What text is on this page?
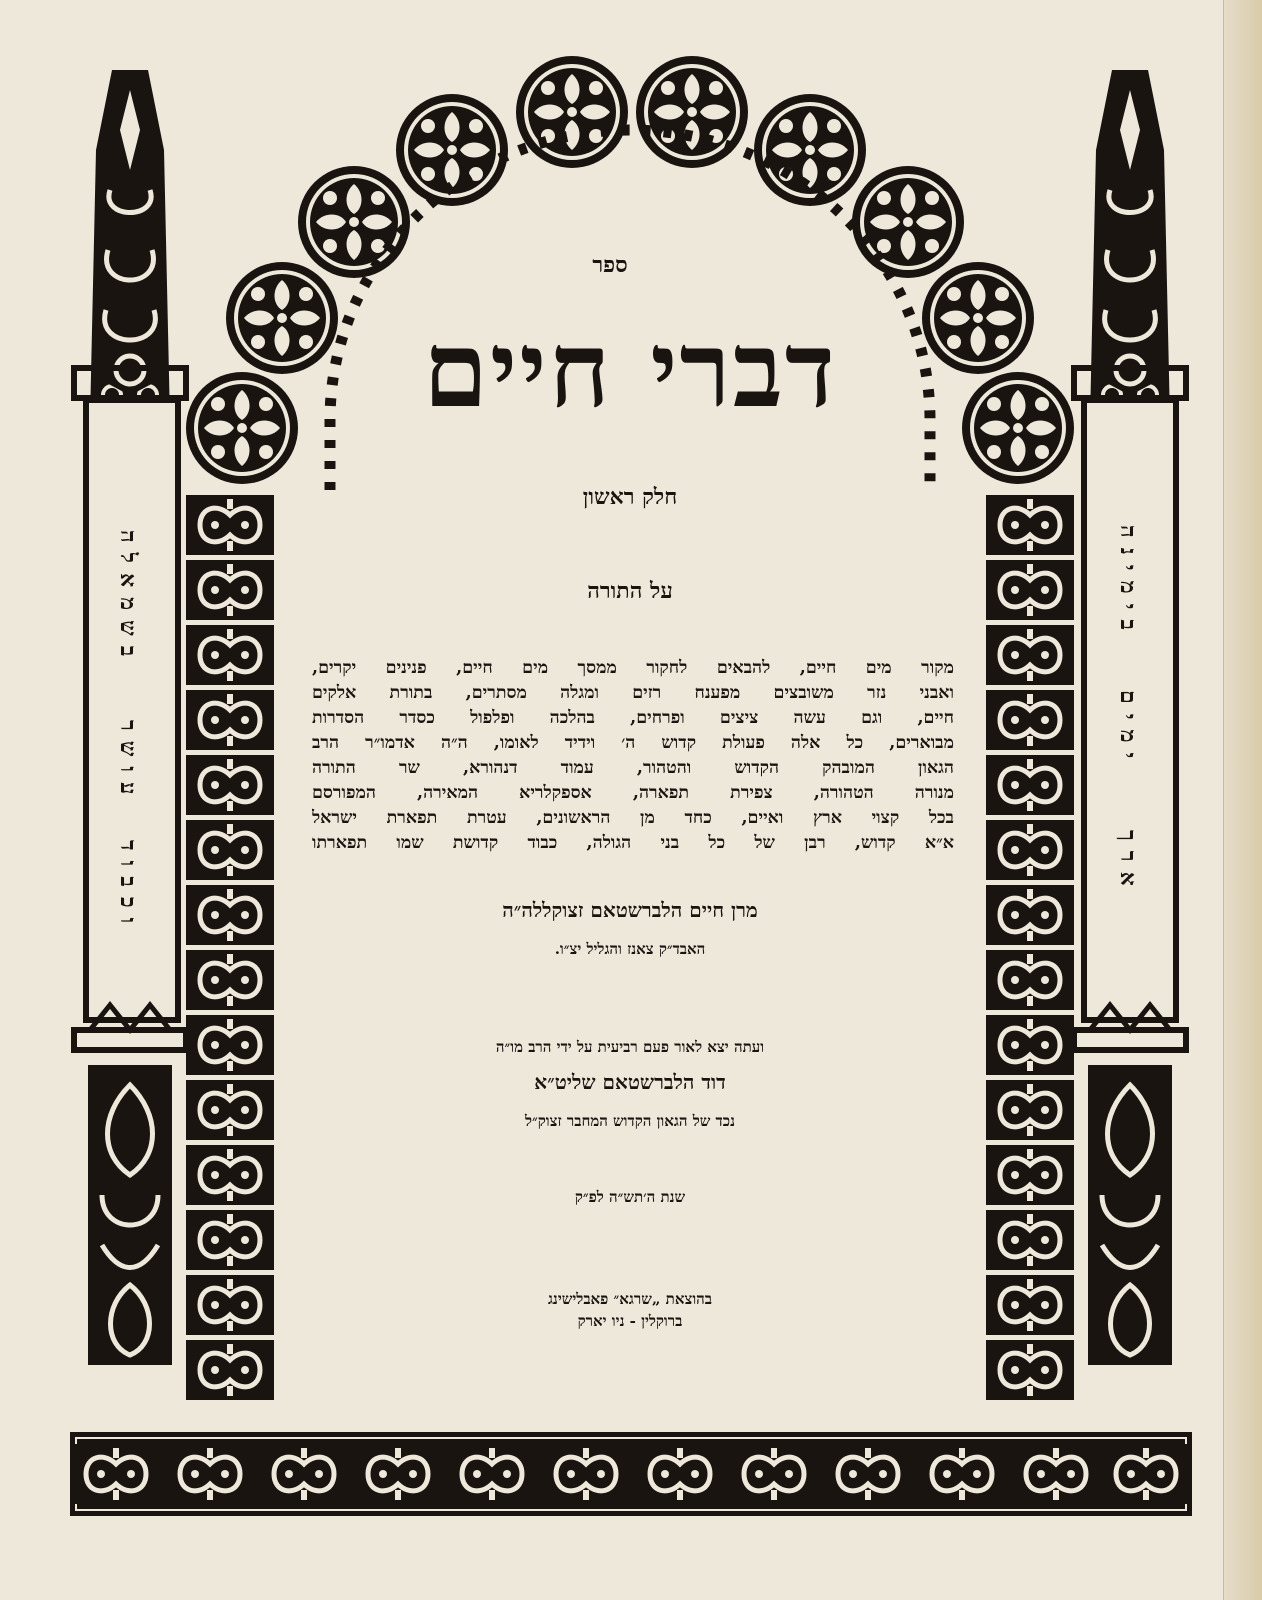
ספר
דברי חיים
חלק ראשון
על התורה
מקור מים חיים, להבאים לחקור ממסך מים חיים, פנינים יקרים,
ואבני נזר משובצים מפענח רזים ומגלה מסתרים, בתורת אלקים
חיים, וגם עשה ציצים ופרחים, בהלכה ופלפול כסדר הסדרות
מבוארים, כל אלה פעולת קדוש ה׳ וידיד לאומו, ה״ה אדמו״ר הרב
הגאון המובהק הקדוש והטהור, עמוד דנהורא, שר התורה
מנורה הטהורה, צפירת תפארה, אספקלריא המאירה, המפורסם
בכל קצוי ארץ ואיים, כחד מן הראשונים, עטרת תפארת ישראל
א״א קדוש, רבן של כל בני הגולה, כבוד קדושת שמו תפארתו
מרן חיים הלברשטאם זצוקללה״ה
האבד״ק צאנז והגליל יצ״ו.
ועתה יצא לאור פעם רביעית על ידי הרב מו״ה
דוד הלברשטאם שליט״א
נכד של הגאון הקדוש המחבר זצוק״ל
שנת ה׳תש״ה לפ״ק
בהוצאת „שרגא״ פאבלישינג
ברוקלין - ניו יארק
בשמאלה
עושר
וכבוד
בימינה
ימים
ארך
